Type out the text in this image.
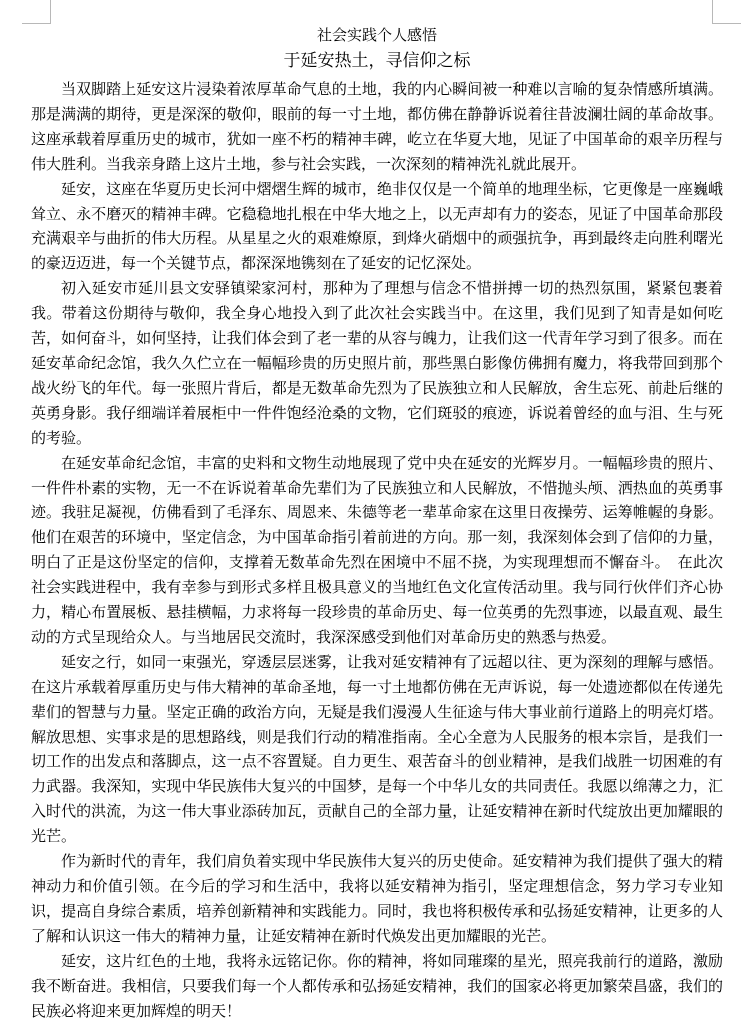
社会实践个人感悟
于延安热土，寻信仰之标

当双脚踏上延安这片浸染着浓厚革命气息的土地，我的内心瞬间被一种难以言喻的复杂情感所填满。那是满满的期待，更是深深的敬仰，眼前的每一寸土地，都仿佛在静静诉说着往昔波澜壮阔的革命故事。这座承载着厚重历史的城市，犹如一座不朽的精神丰碑，屹立在华夏大地，见证了中国革命的艰辛历程与伟大胜利。当我亲身踏上这片土地，参与社会实践，一次深刻的精神洗礼就此展开。

延安，这座在华夏历史长河中熠熠生辉的城市，绝非仅仅是一个简单的地理坐标，它更像是一座巍峨耸立、永不磨灭的精神丰碑。它稳稳地扎根在中华大地之上，以无声却有力的姿态，见证了中国革命那段充满艰辛与曲折的伟大历程。从星星之火的艰难燎原，到烽火硝烟中的顽强抗争，再到最终走向胜利曙光的豪迈迈进，每一个关键节点，都深深地镌刻在了延安的记忆深处。

初入延安市延川县文安驿镇梁家河村，那种为了理想与信念不惜拼搏一切的热烈氛围，紧紧包裹着我。带着这份期待与敬仰，我全身心地投入到了此次社会实践当中。在这里，我们见到了知青是如何吃苦，如何奋斗，如何坚持，让我们体会到了老一辈的从容与魄力，让我们这一代青年学习到了很多。而在延安革命纪念馆，我久久伫立在一幅幅珍贵的历史照片前，那些黑白影像仿佛拥有魔力，将我带回到那个战火纷飞的年代。每一张照片背后，都是无数革命先烈为了民族独立和人民解放，舍生忘死、前赴后继的英勇身影。我仔细端详着展柜中一件件饱经沧桑的文物，它们斑驳的痕迹，诉说着曾经的血与泪、生与死的考验。

在延安革命纪念馆，丰富的史料和文物生动地展现了党中央在延安的光辉岁月。一幅幅珍贵的照片、一件件朴素的实物，无一不在诉说着革命先辈们为了民族独立和人民解放，不惜抛头颅、洒热血的英勇事迹。我驻足凝视，仿佛看到了毛泽东、周恩来、朱德等老一辈革命家在这里日夜操劳、运筹帷幄的身影。他们在艰苦的环境中，坚定信念，为中国革命指引着前进的方向。那一刻，我深刻体会到了信仰的力量，明白了正是这份坚定的信仰，支撑着无数革命先烈在困境中不屈不挠，为实现理想而不懈奋斗。　在此次社会实践进程中，我有幸参与到形式多样且极具意义的当地红色文化宣传活动里。我与同行伙伴们齐心协力，精心布置展板、悬挂横幅，力求将每一段珍贵的革命历史、每一位英勇的先烈事迹，以最直观、最生动的方式呈现给众人。与当地居民交流时，我深深感受到他们对革命历史的熟悉与热爱。

延安之行，如同一束强光，穿透层层迷雾，让我对延安精神有了远超以往、更为深刻的理解与感悟。在这片承载着厚重历史与伟大精神的革命圣地，每一寸土地都仿佛在无声诉说，每一处遗迹都似在传递先辈们的智慧与力量。坚定正确的政治方向，无疑是我们漫漫人生征途与伟大事业前行道路上的明亮灯塔。解放思想、实事求是的思想路线，则是我们行动的精准指南。全心全意为人民服务的根本宗旨，是我们一切工作的出发点和落脚点，这一点不容置疑。自力更生、艰苦奋斗的创业精神，是我们战胜一切困难的有力武器。我深知，实现中华民族伟大复兴的中国梦，是每一个中华儿女的共同责任。我愿以绵薄之力，汇入时代的洪流，为这一伟大事业添砖加瓦，贡献自己的全部力量，让延安精神在新时代绽放出更加耀眼的光芒。

作为新时代的青年，我们肩负着实现中华民族伟大复兴的历史使命。延安精神为我们提供了强大的精神动力和价值引领。在今后的学习和生活中，我将以延安精神为指引，坚定理想信念，努力学习专业知识，提高自身综合素质，培养创新精神和实践能力。同时，我也将积极传承和弘扬延安精神，让更多的人了解和认识这一伟大的精神力量，让延安精神在新时代焕发出更加耀眼的光芒。

延安，这片红色的土地，我将永远铭记你。你的精神，将如同璀璨的星光，照亮我前行的道路，激励我不断奋进。我相信，只要我们每一个人都传承和弘扬延安精神，我们的国家必将更加繁荣昌盛，我们的民族必将迎来更加辉煌的明天！
